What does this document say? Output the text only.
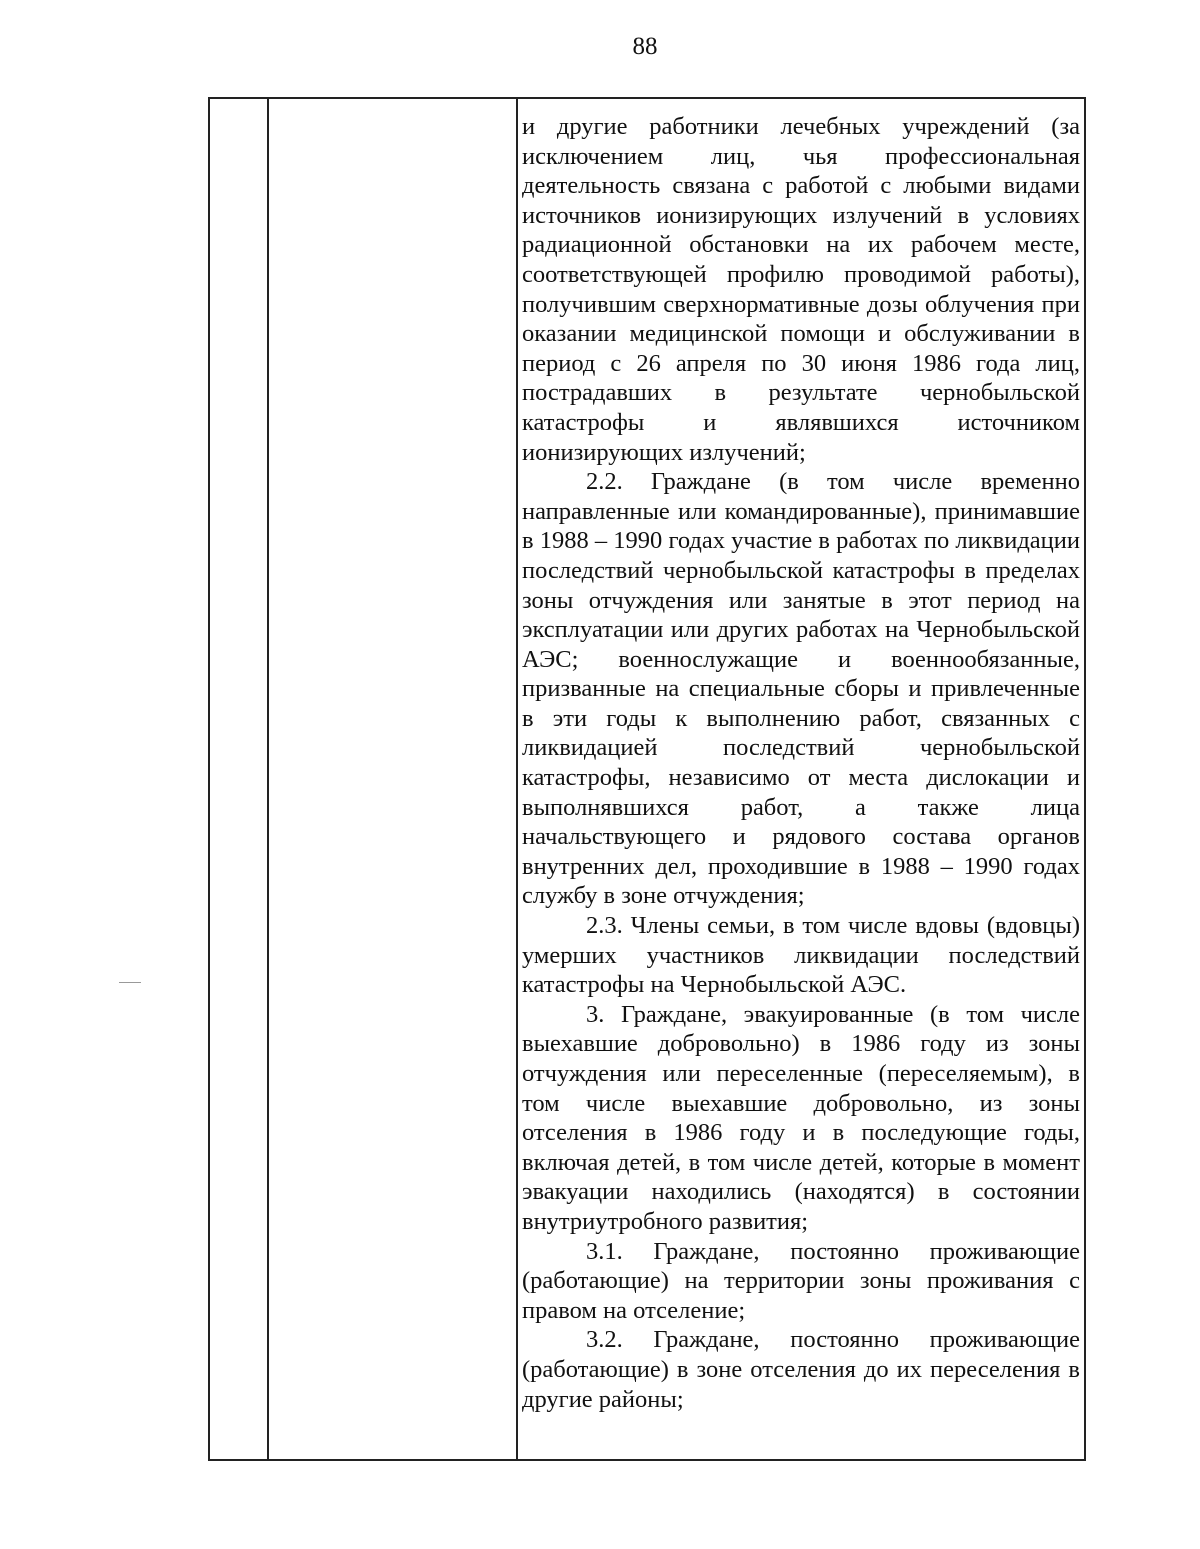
88

и другие работники лечебных учреждений (за исключением лиц, чья профессиональная деятельность связана с работой с любыми видами источников ионизирующих излучений в условиях радиационной обстановки на их рабочем месте, соответствующей профилю проводимой работы), получившим сверхнормативные дозы облучения при оказании медицинской помощи и обслуживании в период с 26 апреля по 30 июня 1986 года лиц, пострадавших в результате чернобыльской катастрофы и являвшихся источником ионизирующих излучений;

2.2. Граждане (в том числе временно направленные или командированные), принимавшие в 1988 – 1990 годах участие в работах по ликвидации последствий чернобыльской катастрофы в пределах зоны отчуждения или занятые в этот период на эксплуатации или других работах на Чернобыльской АЭС; военнослужащие и военнообязанные, призванные на специальные сборы и привлеченные в эти годы к выполнению работ, связанных с ликвидацией последствий чернобыльской катастрофы, независимо от места дислокации и выполнявшихся работ, а также лица начальствующего и рядового состава органов внутренних дел, проходившие в 1988 – 1990 годах службу в зоне отчуждения;

2.3. Члены семьи, в том числе вдовы (вдовцы) умерших участников ликвидации последствий катастрофы на Чернобыльской АЭС.

3. Граждане, эвакуированные (в том числе выехавшие добровольно) в 1986 году из зоны отчуждения или переселенные (переселяемым), в том числе выехавшие добровольно, из зоны отселения в 1986 году и в последующие годы, включая детей, в том числе детей, которые в момент эвакуации находились (находятся) в состоянии внутриутробного развития;

3.1. Граждане, постоянно проживающие (работающие) на территории зоны проживания с правом на отселение;

3.2. Граждане, постоянно проживающие (работающие) в зоне отселения до их переселения в другие районы;
